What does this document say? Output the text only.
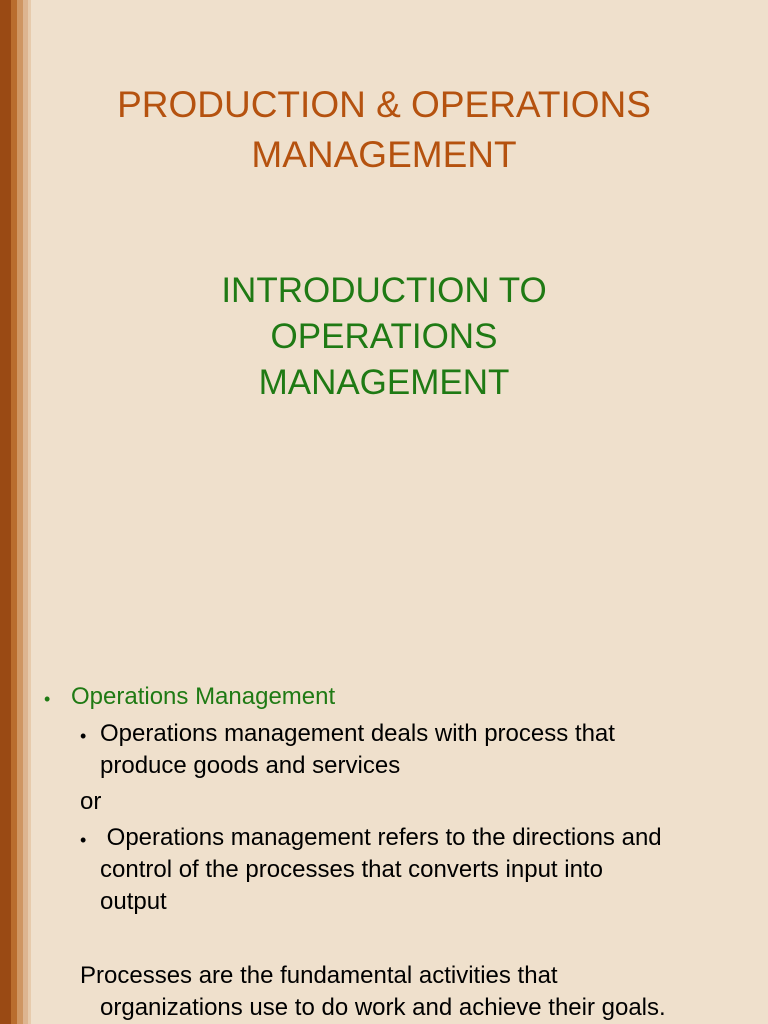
PRODUCTION & OPERATIONS
MANAGEMENT
INTRODUCTION TO
OPERATIONS
MANAGEMENT
• Operations Management
• Operations management deals with process that
produce goods and services
or
• Operations management refers to the directions and
control of the processes that converts input into
output
Processes are the fundamental activities that
organizations use to do work and achieve their goals.
